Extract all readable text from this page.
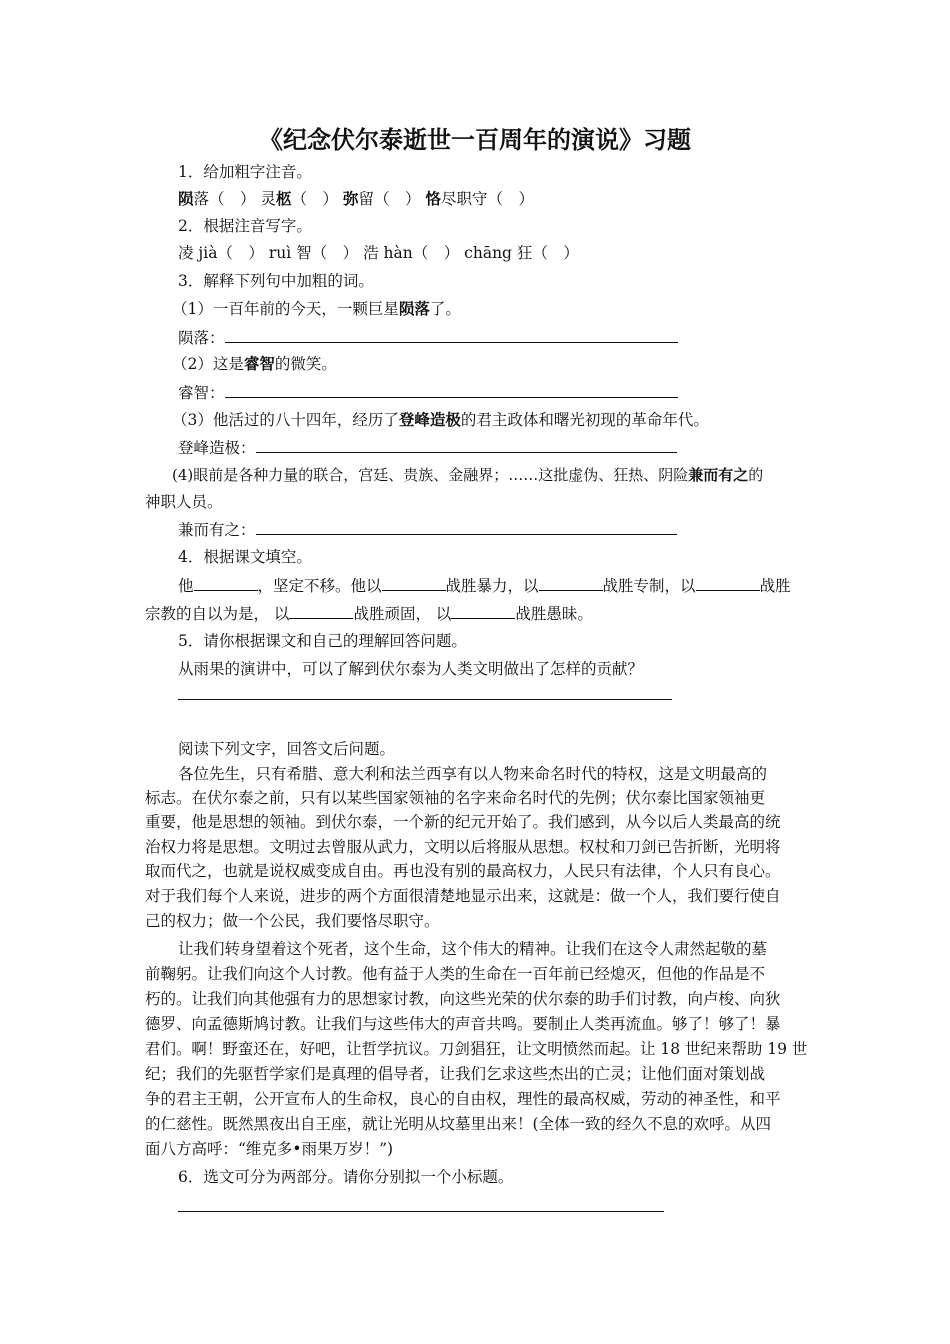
《纪念伏尔泰逝世一百周年的演说》习题
1．给加粗字注音。
陨落（　） 灵柩（　） 弥留（　） 恪尽职守（　）
2．根据注音写字。
凌 jià（　） ruì 智（　） 浩 hàn（　） chāng 狂（　）
3．解释下列句中加粗的词。
（1）一百年前的今天，一颗巨星陨落了。
陨落：
（2）这是睿智的微笑。
睿智：
（3）他活过的八十四年，经历了登峰造极的君主政体和曙光初现的革命年代。
登峰造极：
(4)眼前是各种力量的联合，宫廷、贵族、金融界；……这批虚伪、狂热、阴险兼而有之的
神职人员。
兼而有之：
4．根据课文填空。
他	，坚定不移。他以	战胜暴力，以	战胜专制，以	战胜
宗教的自以为是， 以	战胜顽固， 以	战胜愚昧。
5．请你根据课文和自己的理解回答问题。
从雨果的演讲中，可以了解到伏尔泰为人类文明做出了怎样的贡献？
阅读下列文字，回答文后问题。
各位先生，只有希腊、意大利和法兰西享有以人物来命名时代的特权，这是文明最高的
标志。在伏尔泰之前，只有以某些国家领袖的名字来命名时代的先例；伏尔泰比国家领袖更
重要，他是思想的领袖。到伏尔泰，一个新的纪元开始了。我们感到，从今以后人类最高的统
治权力将是思想。文明过去曾服从武力，文明以后将服从思想。权杖和刀剑已告折断，光明将
取而代之，也就是说权威变成自由。再也没有别的最高权力，人民只有法律，个人只有良心。
对于我们每个人来说，进步的两个方面很清楚地显示出来，这就是：做一个人，我们要行使自
己的权力；做一个公民，我们要恪尽职守。
让我们转身望着这个死者，这个生命，这个伟大的精神。让我们在这令人肃然起敬的墓
前鞠躬。让我们向这个人讨教。他有益于人类的生命在一百年前已经熄灭，但他的作品是不
朽的。让我们向其他强有力的思想家讨教，向这些光荣的伏尔泰的助手们讨教，向卢梭、向狄
德罗、向孟德斯鸠讨教。让我们与这些伟大的声音共鸣。要制止人类再流血。够了！够了！暴
君们。啊！野蛮还在，好吧，让哲学抗议。刀剑猖狂，让文明愤然而起。让 18 世纪来帮助 19 世
纪；我们的先驱哲学家们是真理的倡导者，让我们乞求这些杰出的亡灵；让他们面对策划战
争的君主王朝，公开宣布人的生命权，良心的自由权，理性的最高权威，劳动的神圣性，和平
的仁慈性。既然黑夜出自王座，就让光明从坟墓里出来！(全体一致的经久不息的欢呼。从四
面八方高呼：“维克多•雨果万岁！”)
6．选文可分为两部分。请你分别拟一个小标题。
